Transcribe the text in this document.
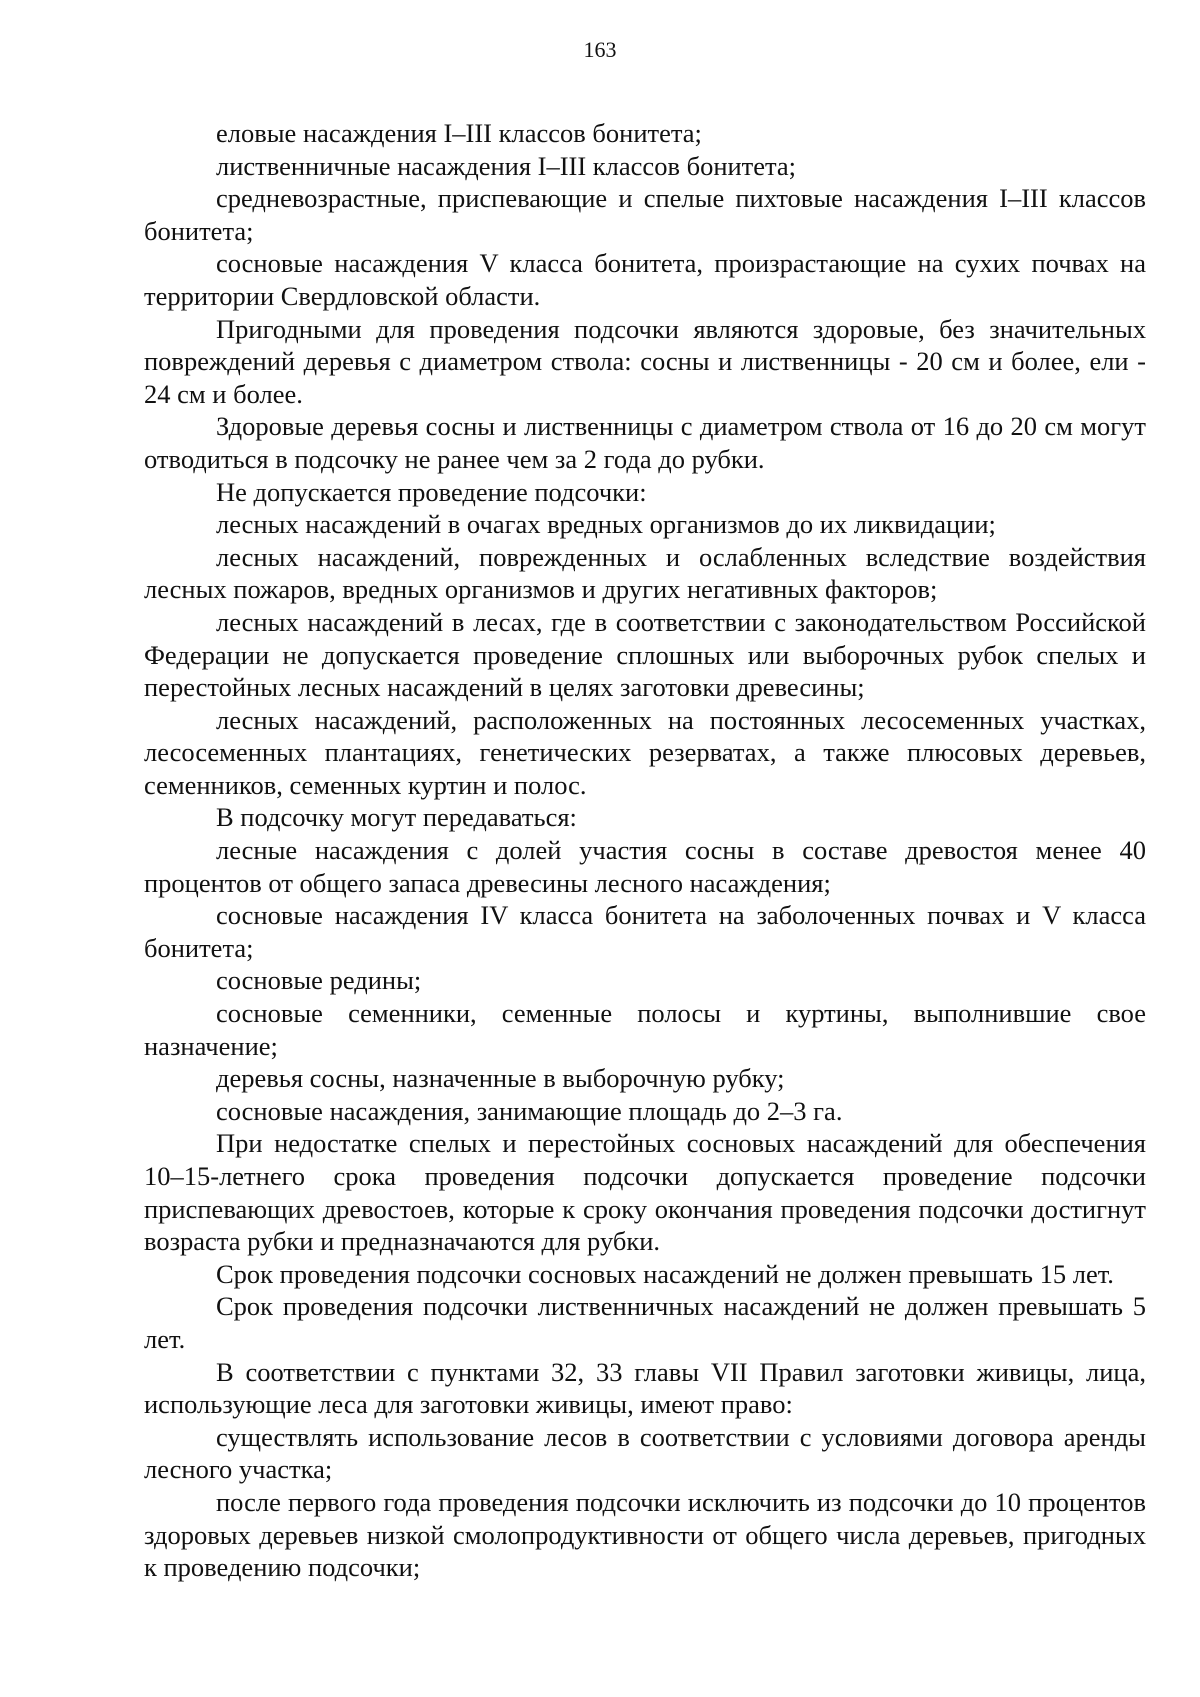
163

еловые насаждения I–III классов бонитета;

лиственничные насаждения I–III классов бонитета;

средневозрастные, приспевающие и спелые пихтовые насаждения I–III классов бонитета;

сосновые насаждения V класса бонитета, произрастающие на сухих почвах на территории Свердловской области.

Пригодными для проведения подсочки являются здоровые, без значительных повреждений деревья с диаметром ствола: сосны и лиственницы - 20 см и более, ели - 24 см и более.

Здоровые деревья сосны и лиственницы с диаметром ствола от 16 до 20 см могут отводиться в подсочку не ранее чем за 2 года до рубки.

Не допускается проведение подсочки:

лесных насаждений в очагах вредных организмов до их ликвидации;

лесных насаждений, поврежденных и ослабленных вследствие воздействия лесных пожаров, вредных организмов и других негативных факторов;

лесных насаждений в лесах, где в соответствии с законодательством Российской Федерации не допускается проведение сплошных или выборочных рубок спелых и перестойных лесных насаждений в целях заготовки древесины;

лесных насаждений, расположенных на постоянных лесосеменных участках, лесосеменных плантациях, генетических резерватах, а также плюсовых деревьев, семенников, семенных куртин и полос.

В подсочку могут передаваться:

лесные насаждения с долей участия сосны в составе древостоя менее 40 процентов от общего запаса древесины лесного насаждения;

сосновые насаждения IV класса бонитета на заболоченных почвах и V класса бонитета;

сосновые редины;

сосновые семенники, семенные полосы и куртины, выполнившие свое назначение;

деревья сосны, назначенные в выборочную рубку;

сосновые насаждения, занимающие площадь до 2–3 га.

При недостатке спелых и перестойных сосновых насаждений для обеспечения 10–15-летнего срока проведения подсочки допускается проведение подсочки приспевающих древостоев, которые к сроку окончания проведения подсочки достигнут возраста рубки и предназначаются для рубки.

Срок проведения подсочки сосновых насаждений не должен превышать 15 лет.

Срок проведения подсочки лиственничных насаждений не должен превышать 5 лет.

В соответствии с пунктами 32, 33 главы VII Правил заготовки живицы, лица, использующие леса для заготовки живицы, имеют право:

существлять использование лесов в соответствии с условиями договора аренды лесного участка;

после первого года проведения подсочки исключить из подсочки до 10 процентов здоровых деревьев низкой смолопродуктивности от общего числа деревьев, пригодных к проведению подсочки;
